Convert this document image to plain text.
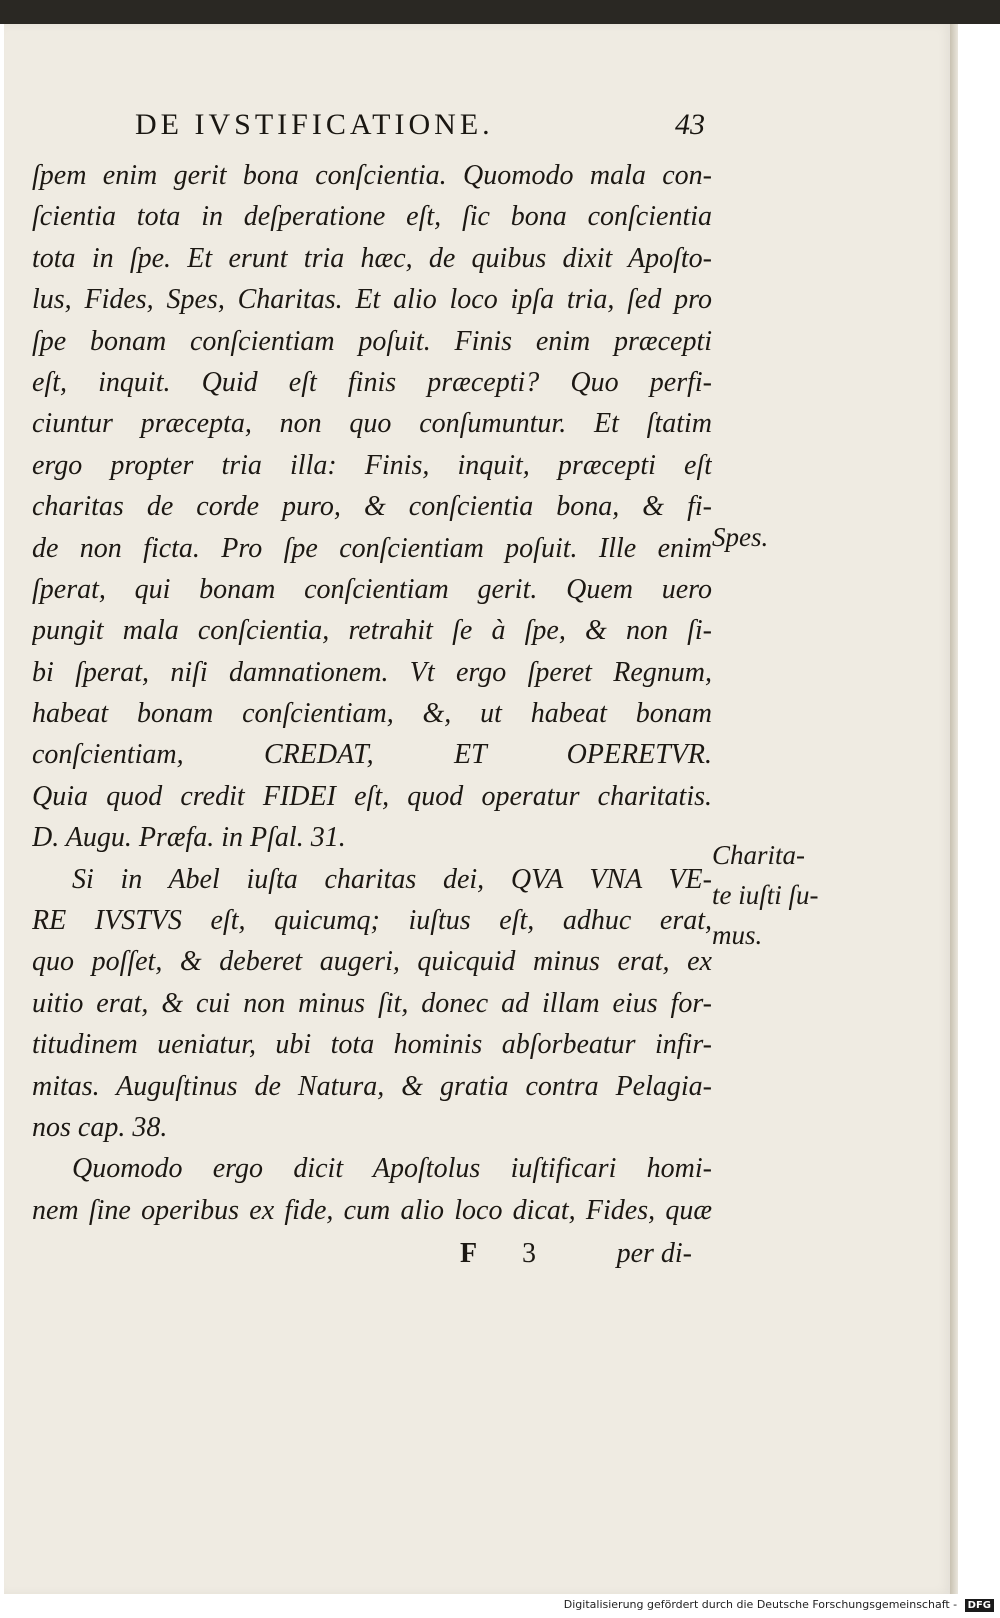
DE IVSTIFICATIONE.	43
ſpem enim gerit bona conſcientia. Quomodo mala con-
ſcientia tota in deſperatione eſt, ſic bona conſcientia
tota in ſpe. Et erunt tria hæc, de quibus dixit Apoſto-
lus, Fides, Spes, Charitas. Et alio loco ipſa tria, ſed pro
ſpe bonam conſcientiam poſuit. Finis enim præcepti
eſt, inquit. Quid eſt finis præcepti? Quo perfi-
ciuntur præcepta, non quo conſumuntur. Et ſtatim
ergo propter tria illa: Finis, inquit, præcepti eſt
charitas de corde puro, & conſcientia bona, & fi-
de non ficta. Pro ſpe conſcientiam poſuit. Ille enim
ſperat, qui bonam conſcientiam gerit. Quem uero
pungit mala conſcientia, retrahit ſe à ſpe, & non ſi-
bi ſperat, niſi damnationem. Vt ergo ſperet Regnum,
habeat bonam conſcientiam, &, ut habeat bonam
conſcientiam, CREDAT, ET OPERETVR.
Quia quod credit FIDEI eſt, quod operatur charitatis.
D. Augu. Præfa. in Pſal. 31.
Si in Abel iuſta charitas dei, QVA VNA VE-
RE IVSTVS eſt, quicumq; iuſtus eſt, adhuc erat,
quo poſſet, & deberet augeri, quicquid minus erat, ex
uitio erat, & cui non minus ſit, donec ad illam eius for-
titudinem ueniatur, ubi tota hominis abſorbeatur infir-
mitas. Auguſtinus de Natura, & gratia contra Pelagia-
nos cap. 38.
Quomodo ergo dicit Apoſtolus iuſtificari homi-
nem ſine operibus ex fide, cum alio loco dicat, Fides, quæ
Spes.
Charita-
te iuſti ſu-
mus.
F 3	per di-
Digitalisierung gefördert durch die Deutsche Forschungsgemeinschaft - DFG
